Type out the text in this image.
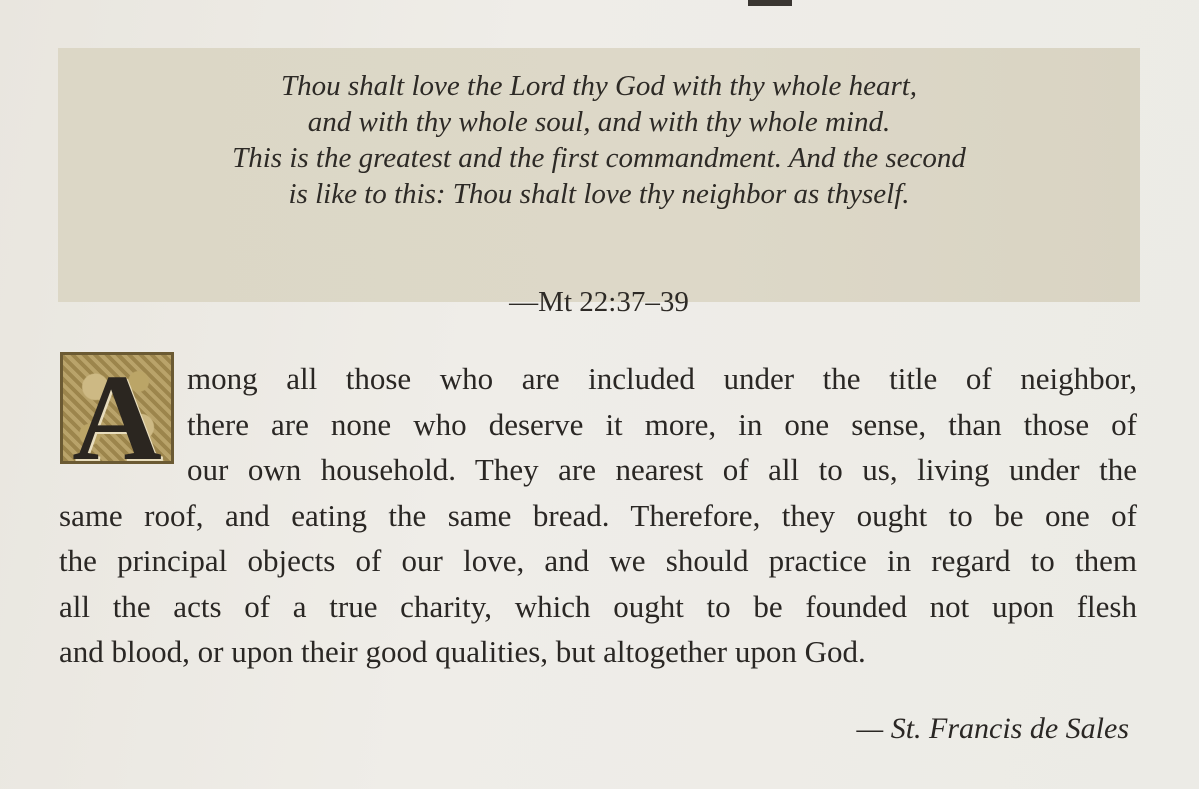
Thou shalt love the Lord thy God with thy whole heart,
and with thy whole soul, and with thy whole mind.
This is the greatest and the first commandment. And the second
is like to this: Thou shalt love thy neighbor as thyself.
—Mt 22:37–39
A mong all those who are included under the title of neighbor,
there are none who deserve it more, in one sense, than those of
our own household. They are nearest of all to us, living under the
same roof, and eating the same bread. Therefore, they ought to be one of
the principal objects of our love, and we should practice in regard to them
all the acts of a true charity, which ought to be founded not upon flesh
and blood, or upon their good qualities, but altogether upon God.
— St. Francis de Sales
